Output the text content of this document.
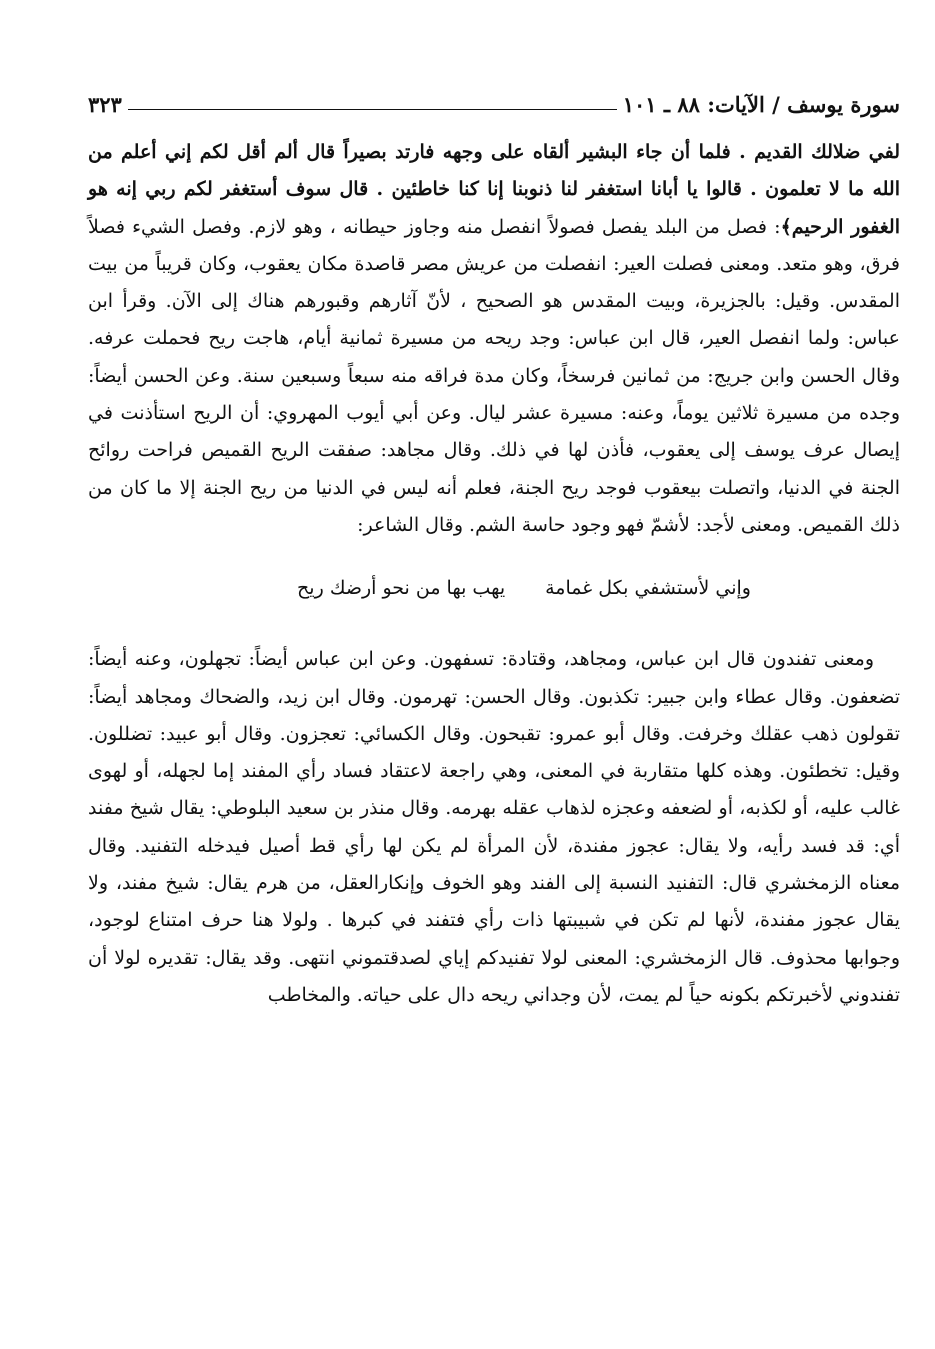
سورة يوسف / الآيات: ٨٨ ـ ١٠١
٣٢٣

لفي ضلالك القديم . فلما أن جاء البشير ألقاه على وجهه فارتد بصيراً قال ألم أقل لكم إني أعلم من الله ما لا تعلمون . قالوا يا أبانا استغفر لنا ذنوبنا إنا كنا خاطئين . قال سوف أستغفر لكم ربي إنه هو الغفور الرحيم﴾: فصل من البلد يفصل فصولاً انفصل منه وجاوز حيطانه ، وهو لازم. وفصل الشيء فصلاً فرق، وهو متعد. ومعنى فصلت العير: انفصلت من عريش مصر قاصدة مكان يعقوب، وكان قريباً من بيت المقدس. وقيل: بالجزيرة، وبيت المقدس هو الصحيح ، لأنّ آثارهم وقبورهم هناك إلى الآن. وقرأ ابن عباس: ولما انفصل العير، قال ابن عباس: وجد ريحه من مسيرة ثمانية أيام، هاجت ريح فحملت عرفه. وقال الحسن وابن جريج: من ثمانين فرسخاً، وكان مدة فراقه منه سبعاً وسبعين سنة. وعن الحسن أيضاً: وجده من مسيرة ثلاثين يوماً، وعنه: مسيرة عشر ليال. وعن أبي أيوب المهروي: أن الريح استأذنت في إيصال عرف يوسف إلى يعقوب، فأذن لها في ذلك. وقال مجاهد: صفقت الريح القميص فراحت روائح الجنة في الدنيا، واتصلت بيعقوب فوجد ريح الجنة، فعلم أنه ليس في الدنيا من ريح الجنة إلا ما كان من ذلك القميص. ومعنى لأجد: لأشمّ فهو وجود حاسة الشم. وقال الشاعر:

وإني لأستشفي بكل غمامة
يهب بها من نحو أرضك ريح

ومعنى تفندون قال ابن عباس، ومجاهد، وقتادة: تسفهون. وعن ابن عباس أيضاً: تجهلون، وعنه أيضاً: تضعفون. وقال عطاء وابن جبير: تكذبون. وقال الحسن: تهرمون. وقال ابن زيد، والضحاك ومجاهد أيضاً: تقولون ذهب عقلك وخرفت. وقال أبو عمرو: تقبحون. وقال الكسائي: تعجزون. وقال أبو عبيد: تضللون. وقيل: تخطئون. وهذه كلها متقاربة في المعنى، وهي راجعة لاعتقاد فساد رأي المفند إما لجهله، أو لهوى غالب عليه، أو لكذبه، أو لضعفه وعجزه لذهاب عقله بهرمه. وقال منذر بن سعيد البلوطي: يقال شيخ مفند أي: قد فسد رأيه، ولا يقال: عجوز مفندة، لأن المرأة لم يكن لها رأي قط أصيل فيدخله التفنيد. وقال معناه الزمخشري قال: التفنيد النسبة إلى الفند وهو الخوف وإنكارالعقل، من هرم يقال: شيخ مفند، ولا يقال عجوز مفندة، لأنها لم تكن في شبيبتها ذات رأي فتفند في كبرها . ولولا هنا حرف امتناع لوجود، وجوابها محذوف. قال الزمخشري: المعنى لولا تفنيدكم إياي لصدقتموني انتهى. وقد يقال: تقديره لولا أن تفندوني لأخبرتكم بكونه حياً لم يمت، لأن وجداني ريحه دال على حياته. والمخاطب
